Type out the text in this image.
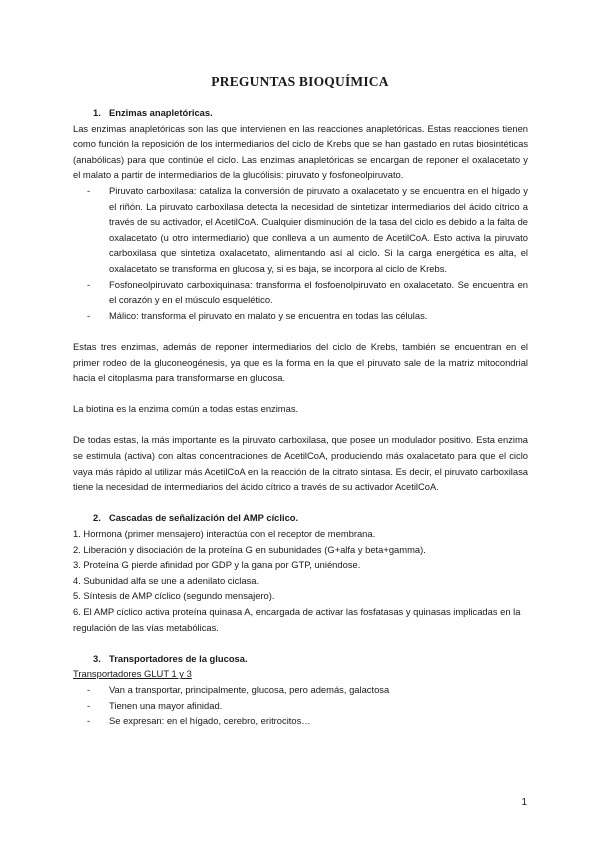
PREGUNTAS BIOQUÍMICA
1. Enzimas anapletóricas.

Las enzimas anapletóricas son las que intervienen en las reacciones anapletóricas. Estas reacciones tienen como función la reposición de los intermediarios del ciclo de Krebs que se han gastado en rutas biosintéticas (anabólicas) para que continúe el ciclo. Las enzimas anapletóricas se encargan de reponer el oxalacetato y el malato a partir de intermediarios de la glucólisis: piruvato y fosfoneolpiruvato.

- Piruvato carboxilasa: cataliza la conversión de piruvato a oxalacetato y se encuentra en el hígado y el riñón. La piruvato carboxilasa detecta la necesidad de sintetizar intermediarios del ácido cítrico a través de su activador, el AcetilCoA. Cualquier disminución de la tasa del ciclo es debido a la falta de oxalacetato (u otro intermediario) que conlleva a un aumento de AcetilCoA. Esto activa la piruvato carboxilasa que sintetiza oxalacetato, alimentando así al ciclo. Si la carga energética es alta, el oxalacetato se transforma en glucosa y, si es baja, se incorpora al ciclo de Krebs.
- Fosfoneolpiruvato carboxiquinasa: transforma el fosfoenolpiruvato en oxalacetato. Se encuentra en el corazón y en el músculo esquelético.
- Málico: transforma el piruvato en malato y se encuentra en todas las células.

Estas tres enzimas, además de reponer intermediarios del ciclo de Krebs, también se encuentran en el primer rodeo de la gluconeogénesis, ya que es la forma en la que el piruvato sale de la matriz mitocondrial hacia el citoplasma para transformarse en glucosa.

La biotina es la enzima común a todas estas enzimas.

De todas estas, la más importante es la piruvato carboxilasa, que posee un modulador positivo. Esta enzima se estimula (activa) con altas concentraciones de AcetilCoA, produciendo más oxalacetato para que el ciclo vaya más rápido al utilizar más AcetilCoA en la reacción de la citrato sintasa. Es decir, el piruvato carboxilasa tiene la necesidad de intermediarios del ácido cítrico a través de su activador AcetilCoA.

2. Cascadas de señalización del AMP cíclico.
1. Hormona (primer mensajero) interactúa con el receptor de membrana.
2. Liberación y disociación de la proteína G en subunidades (G+alfa y beta+gamma).
3. Proteína G pierde afinidad por GDP y la gana por GTP, uniéndose.
4. Subunidad alfa se une a adenilato ciclasa.
5. Síntesis de AMP cíclico (segundo mensajero).
6. El AMP cíclico activa proteína quinasa A, encargada de activar las fosfatasas y quinasas implicadas en la regulación de las vías metabólicas.
3. Transportadores de la glucosa.
Transportadores GLUT 1 y 3
- Van a transportar, principalmente, glucosa, pero además, galactosa
- Tienen una mayor afinidad.
- Se expresan: en el hígado, cerebro, eritrocitos…
1
